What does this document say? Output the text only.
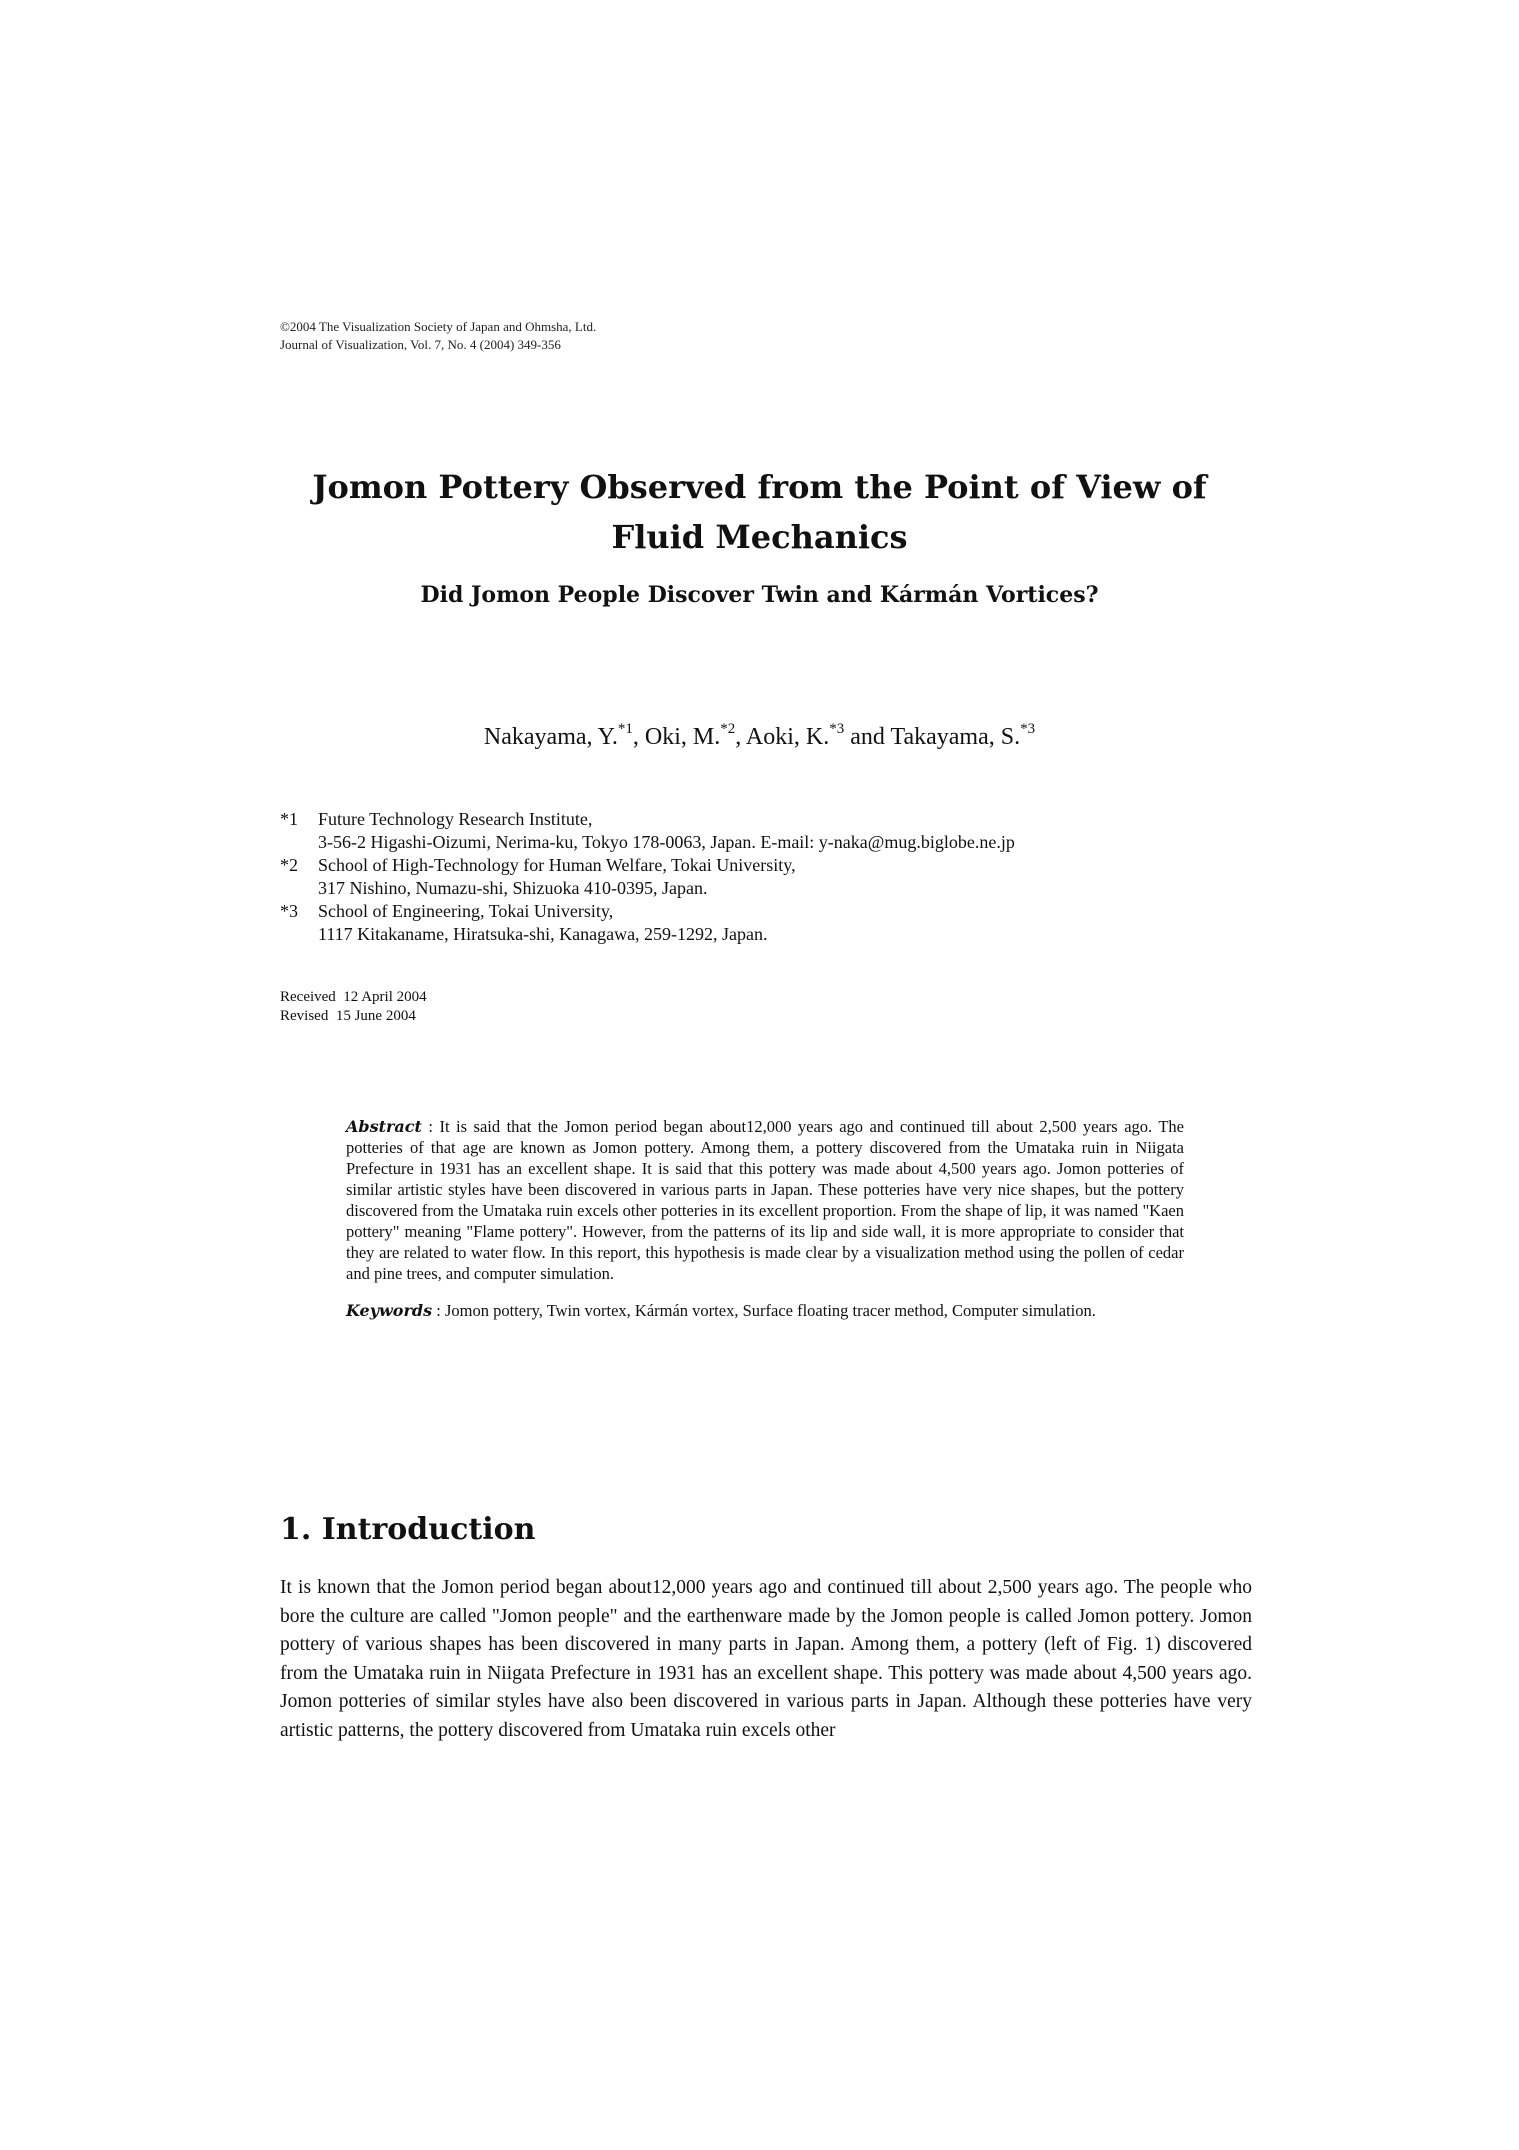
©2004 The Visualization Society of Japan and Ohmsha, Ltd.
Journal of Visualization, Vol. 7, No. 4 (2004) 349-356
Jomon Pottery Observed from the Point of View of
Fluid Mechanics
Did Jomon People Discover Twin and Kármán Vortices?
Nakayama, Y.$^{*1}$, Oki, M.$^{*2}$, Aoki, K.$^{*3}$ and Takayama, S.$^{*3}$
*1	Future Technology Research Institute,
3-56-2 Higashi-Oizumi, Nerima-ku, Tokyo 178-0063, Japan. E-mail: y-naka@mug.biglobe.ne.jp
*2	School of High-Technology for Human Welfare, Tokai University,
317 Nishino, Numazu-shi, Shizuoka 410-0395, Japan.
*3	School of Engineering, Tokai University,
1117 Kitakaname, Hiratsuka-shi, Kanagawa, 259-1292, Japan.
Received  12 April 2004
Revised  15 June 2004
Abstract : It is said that the Jomon period began about12,000 years ago and continued till about 2,500 years ago. The potteries of that age are known as Jomon pottery. Among them, a pottery discovered from the Umataka ruin in Niigata Prefecture in 1931 has an excellent shape. It is said that this pottery was made about 4,500 years ago. Jomon potteries of similar artistic styles have been discovered in various parts in Japan. These potteries have very nice shapes, but the pottery discovered from the Umataka ruin excels other potteries in its excellent proportion. From the shape of lip, it was named "Kaen pottery" meaning "Flame pottery". However, from the patterns of its lip and side wall, it is more appropriate to consider that they are related to water flow. In this report, this hypothesis is made clear by a visualization method using the pollen of cedar and pine trees, and computer simulation.
Keywords : Jomon pottery, Twin vortex, Kármán vortex, Surface floating tracer method, Computer simulation.
1. Introduction
It is known that the Jomon period began about12,000 years ago and continued till about 2,500 years ago. The people who bore the culture are called "Jomon people" and the earthenware made by the Jomon people is called Jomon pottery. Jomon pottery of various shapes has been discovered in many parts in Japan. Among them, a pottery (left of Fig. 1) discovered from the Umataka ruin in Niigata Prefecture in 1931 has an excellent shape. This pottery was made about 4,500 years ago. Jomon potteries of similar styles have also been discovered in various parts in Japan. Although these potteries have very artistic patterns, the pottery discovered from Umataka ruin excels other
